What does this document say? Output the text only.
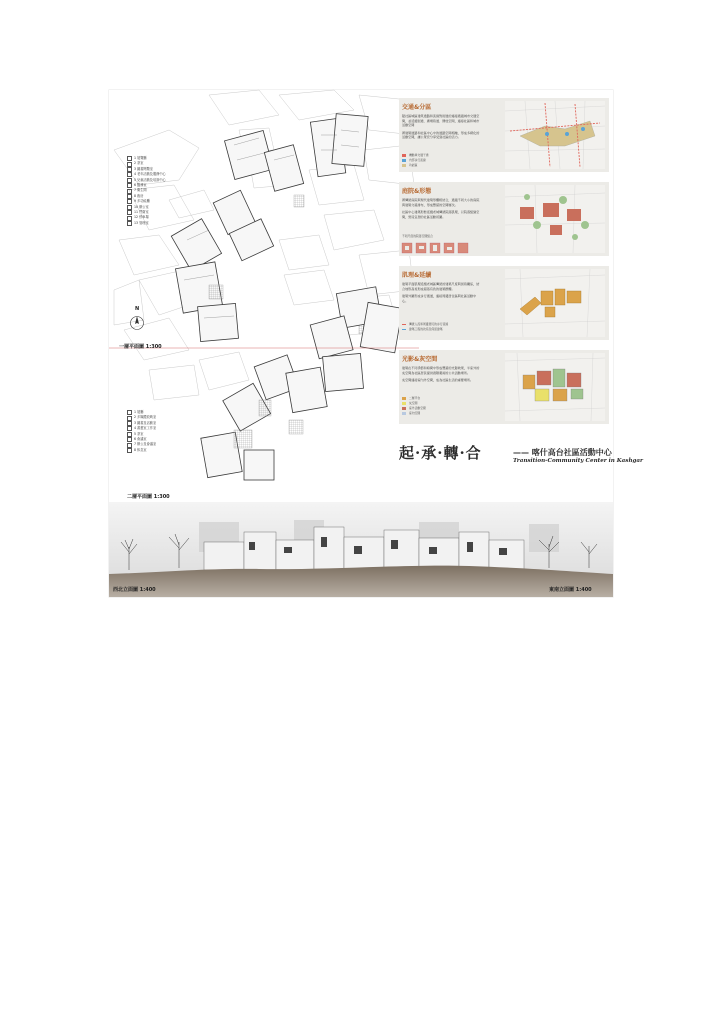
1 展覽廳
2 茶室
3 圖書閱覽室
4 老年活動及服務中心
5 兒童活動及培訓中心
6 醫務室
7 衛生間
8 廚房
9 多功能廳
10 辦公室
11 門衛室
12 停車場
13 管理室
N
一層平面圖 1:300
1 展廳
2 多媒體放映室
3 圖書及活動室
4 書畫室工作室
5 茶室
6 會議室
7 辦公及會議室
8 休息室
二層平面圖 1:300
交通&分區
隨社區城區建筑道路和流線對街道的連接通過城市交通空間，並延續街道、廣場巷道、開放空間，連接社區和城市活動空間
將建築道路和社區中心中的道路空間相融，形成多樣化的活動空間，讓公眾充分享受到社區的活力。
機動車交通干道
內部步行流線
功能區
庭院&形態
將傳統庭院與現代建築形體相結合，通過不同大小的庭院與建築交錯排布，形成豐富的空間層次。
社區中心建築形態延續老城傳統院落肌理，以院落組織空間，營造宜居的社區活動氛圍。
不同尺度的院落空間組合
肌理&延續
建築平面肌理延續老城區傳統的建築尺度與街巷關係，結合地形高差形成錯落有致的建築群體。
建築外圍形成步行通道，連接周邊居住區與社區活動中心。
傳統人流和周邊居民的步行流線
建築工程的改造及保留建築
光影&灰空間
建築在不同季節和時間中形成豐富的光影效果，半室外的灰空間為社區居民提供遮陽避雨的公共活動場所。
灰空間連接室內外空間，成為社區生活的重要場所。
二層平台
灰空間
室外活動空間
室內空間
起·承·轉·合	—— 喀什高台社區活動中心
Transition-Community Center in Kashgar
西北立面圖 1:400	東南立面圖 1:400
